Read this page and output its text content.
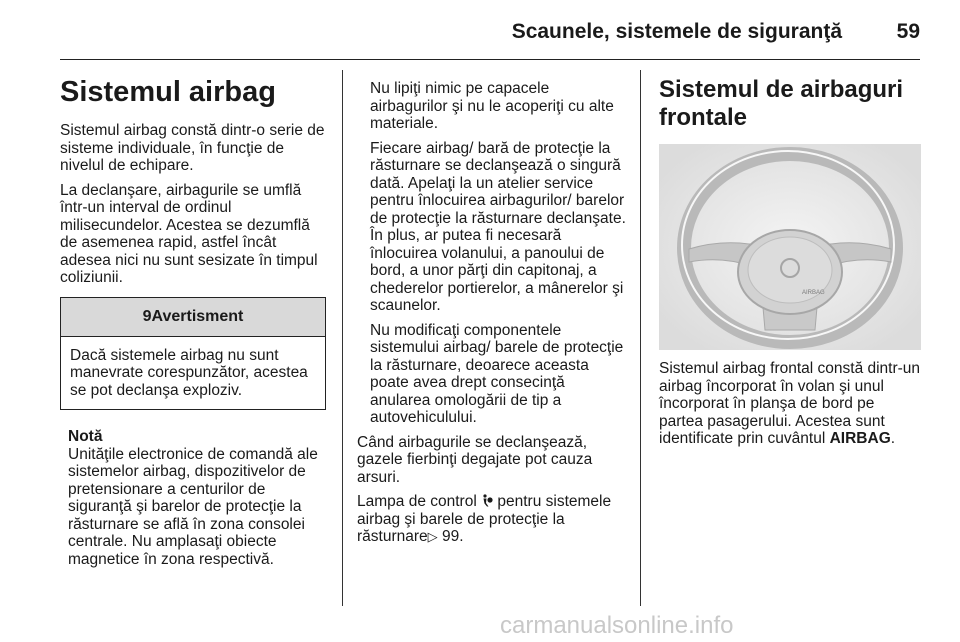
Scaunele, sistemele de siguranţă	59
Sistemul airbag

Sistemul airbag constă dintr-o serie de sisteme individuale, în funcţie de nivelul de echipare.

La declanşare, airbagurile se umflă într-un interval de ordinul milisecundelor. Acestea se dezumflă de asemenea rapid, astfel încât adesea nici nu sunt sesizate în timpul coliziunii.

9Avertisment
Dacă sistemele airbag nu sunt manevrate corespunzător, acestea se pot declanşa exploziv.
Notă
Unităţile electronice de comandă ale sistemelor airbag, dispozitivelor de pretensionare a centurilor de siguranţă şi barelor de protecţie la răsturnare se află în zona consolei centrale. Nu amplasaţi obiecte magnetice în zona respectivă.

Nu lipiţi nimic pe capacele airbagurilor şi nu le acoperiţi cu alte materiale.

Fiecare airbag/ bară de protecţie la răsturnare se declanşează o singură dată. Apelaţi la un atelier service pentru înlocuirea airbagurilor/ barelor de protecţie la răsturnare declanşate. În plus, ar putea fi necesară înlocuirea volanului, a panoului de bord, a unor părţi din capitonaj, a chederelor portierelor, a mânerelor şi scaunelor.

Nu modificaţi componentele sistemului airbag/ barele de protecţie la răsturnare, deoarece aceasta poate avea drept consecinţă anularea omologării de tip a autovehiculului.

Când airbagurile se declanşează, gazele fierbinţi degajate pot cauza arsuri.

Lampa de control  pentru sistemele airbag şi barele de protecţie la răsturnare▷ 99.

Sistemul de airbaguri frontale
AIRBAG

Sistemul airbag frontal constă dintr-un airbag încorporat în volan şi unul încorporat în planşa de bord pe partea pasagerului. Acestea sunt identificate prin cuvântul AIRBAG.

carmanualsonline.info
